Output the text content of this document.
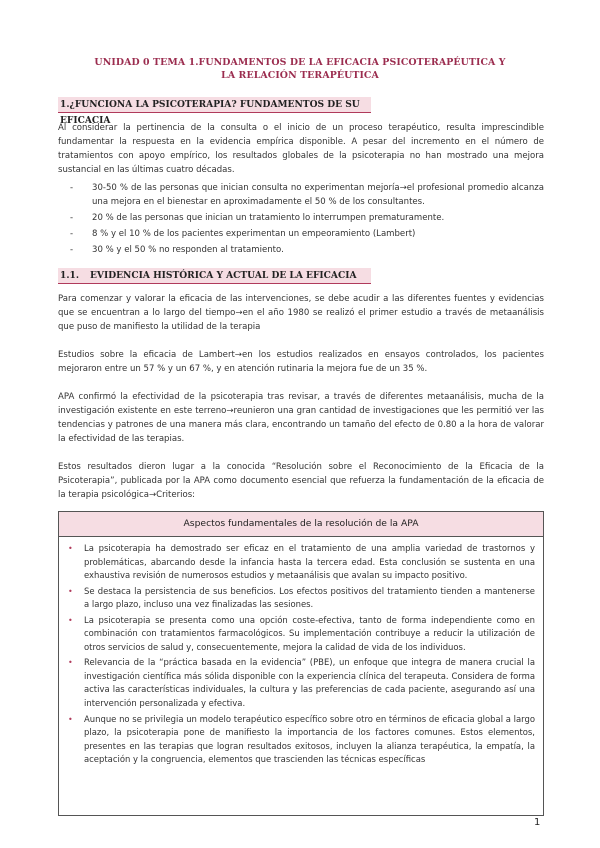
UNIDAD 0 TEMA 1.FUNDAMENTOS DE LA EFICACIA PSICOTERAPÉUTICA Y LA RELACIÓN TERAPÉUTICA
1.¿FUNCIONA LA PSICOTERAPIA? FUNDAMENTOS DE SU EFICACIA

Al considerar la pertinencia de la consulta o el inicio de un proceso terapéutico, resulta imprescindible fundamentar la respuesta en la evidencia empírica disponible. A pesar del incremento en el número de tratamientos con apoyo empírico, los resultados globales de la psicoterapia no han mostrado una mejora sustancial en las últimas cuatro décadas.

- 30-50 % de las personas que inician consulta no experimentan mejoría→el profesional promedio alcanza una mejora en el bienestar en aproximadamente el 50 % de los consultantes.
- 20 % de las personas que inician un tratamiento lo interrumpen prematuramente.
- 8 % y el 10 % de los pacientes experimentan un empeoramiento (Lambert)
- 30 % y el 50 % no responden al tratamiento.
1.1. EVIDENCIA HISTÓRICA Y ACTUAL DE LA EFICACIA

Para comenzar y valorar la eficacia de las intervenciones, se debe acudir a las diferentes fuentes y evidencias que se encuentran a lo largo del tiempo→en el año 1980 se realizó el primer estudio a través de metaanálisis que puso de manifiesto la utilidad de la terapia

Estudios sobre la eficacia de Lambert→en los estudios realizados en ensayos controlados, los pacientes mejoraron entre un 57 % y un 67 %, y en atención rutinaria la mejora fue de un 35 %.

APA confirmó la efectividad de la psicoterapia tras revisar, a través de diferentes metaanálisis, mucha de la investigación existente en este terreno→reunieron una gran cantidad de investigaciones que les permitió ver las tendencias y patrones de una manera más clara, encontrando un tamaño del efecto de 0.80 a la hora de valorar la efectividad de las terapias.

Estos resultados dieron lugar a la conocida “Resolución sobre el Reconocimiento de la Eficacia de la Psicoterapia”, publicada por la APA como documento esencial que refuerza la fundamentación de la eficacia de la terapia psicológica→Criterios:

Aspectos fundamentales de la resolución de la APA
• La psicoterapia ha demostrado ser eficaz en el tratamiento de una amplia variedad de trastornos y problemáticas, abarcando desde la infancia hasta la tercera edad. Esta conclusión se sustenta en una exhaustiva revisión de numerosos estudios y metaanálisis que avalan su impacto positivo.
• Se destaca la persistencia de sus beneficios. Los efectos positivos del tratamiento tienden a mantenerse a largo plazo, incluso una vez finalizadas las sesiones.
• La psicoterapia se presenta como una opción coste-efectiva, tanto de forma independiente como en combinación con tratamientos farmacológicos. Su implementación contribuye a reducir la utilización de otros servicios de salud y, consecuentemente, mejora la calidad de vida de los individuos.
• Relevancia de la “práctica basada en la evidencia” (PBE), un enfoque que integra de manera crucial la investigación científica más sólida disponible con la experiencia clínica del terapeuta. Considera de forma activa las características individuales, la cultura y las preferencias de cada paciente, asegurando así una intervención personalizada y efectiva.
• Aunque no se privilegia un modelo terapéutico específico sobre otro en términos de eficacia global a largo plazo, la psicoterapia pone de manifiesto la importancia de los factores comunes. Estos elementos, presentes en las terapias que logran resultados exitosos, incluyen la alianza terapéutica, la empatía, la aceptación y la congruencia, elementos que trascienden las técnicas específicas
1
